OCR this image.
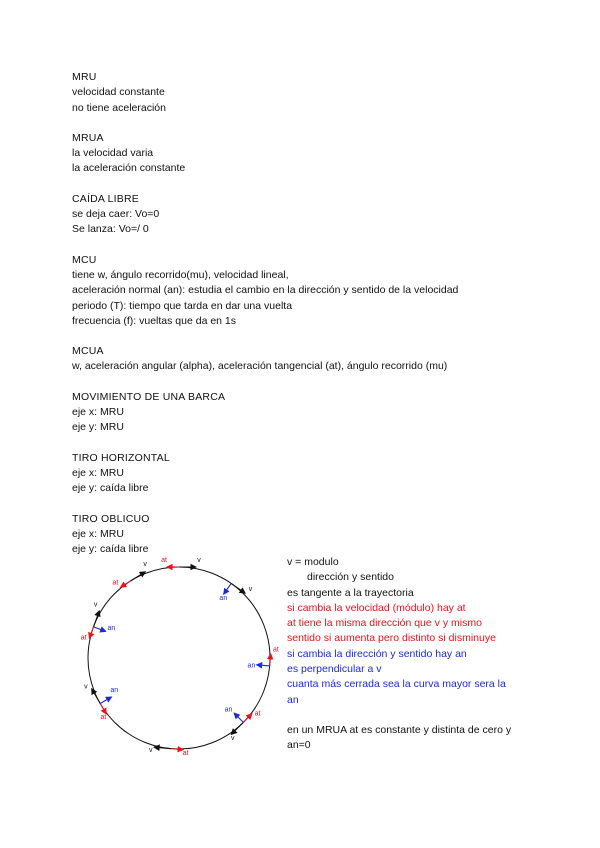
MRU
velocidad constante
no tiene aceleración
MRUA
la velocidad varia
la aceleración constante
CAÍDA LIBRE
se deja caer: Vo=0
Se lanza: Vo=/ 0
MCU
tiene w, ángulo recorrido(mu), velocidad lineal,
aceleración normal (an): estudia el cambio en la dirección y sentido de la velocidad
periodo (T): tiempo que tarda en dar una vuelta
frecuencia (f): vueltas que da en 1s
MCUA
w, aceleración angular (alpha), aceleración tangencial (at), ángulo recorrido (mu)
MOVIMIENTO DE UNA BARCA
eje x: MRU
eje y: MRU
TIRO HORIZONTAL
eje x: MRU
eje y: caída libre
TIRO OBLICUO
eje x: MRU
eje y: caída libre
v
at
v
an
at
an
v
at
an
v	at
v
at
an
v
at
an
v
at
v = modulo
dirección y sentido
es tangente a la trayectoria
si cambia la velocidad (módulo) hay at
at tiene la misma dirección que v y mismo
sentido si aumenta pero distinto si disminuye
si cambia la dirección y sentido hay an
es perpendicular a v
cuanta más cerrada sea la curva mayor sera la
an
en un MRUA at es constante y distinta de cero y
an=0
